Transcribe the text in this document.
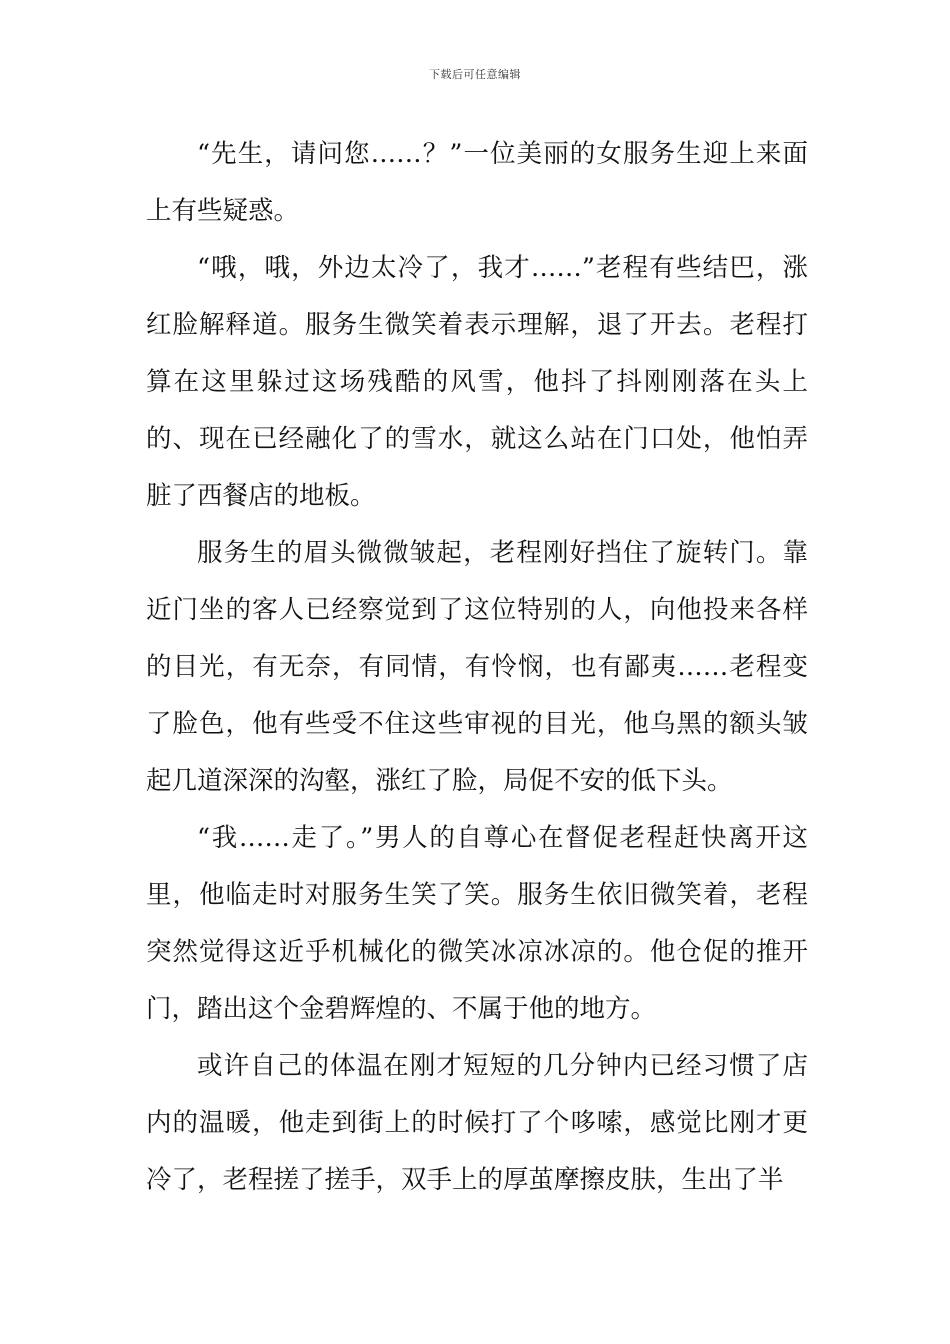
下载后可任意编辑

“先生，请问您……？”一位美丽的女服务生迎上来面上有些疑惑。

“哦，哦，外边太冷了，我才……”老程有些结巴，涨红脸解释道。服务生微笑着表示理解，退了开去。老程打算在这里躲过这场残酷的风雪，他抖了抖刚刚落在头上的、现在已经融化了的雪水，就这么站在门口处，他怕弄脏了西餐店的地板。

服务生的眉头微微皱起，老程刚好挡住了旋转门。靠近门坐的客人已经察觉到了这位特别的人，向他投来各样的目光，有无奈，有同情，有怜悯，也有鄙夷……老程变了脸色，他有些受不住这些审视的目光，他乌黑的额头皱起几道深深的沟壑，涨红了脸，局促不安的低下头。

“我……走了。”男人的自尊心在督促老程赶快离开这里，他临走时对服务生笑了笑。服务生依旧微笑着，老程突然觉得这近乎机械化的微笑冰凉冰凉的。他仓促的推开门，踏出这个金碧辉煌的、不属于他的地方。

或许自己的体温在刚才短短的几分钟内已经习惯了店内的温暖，他走到街上的时候打了个哆嗦，感觉比刚才更冷了，老程搓了搓手，双手上的厚茧摩擦皮肤，生出了半
